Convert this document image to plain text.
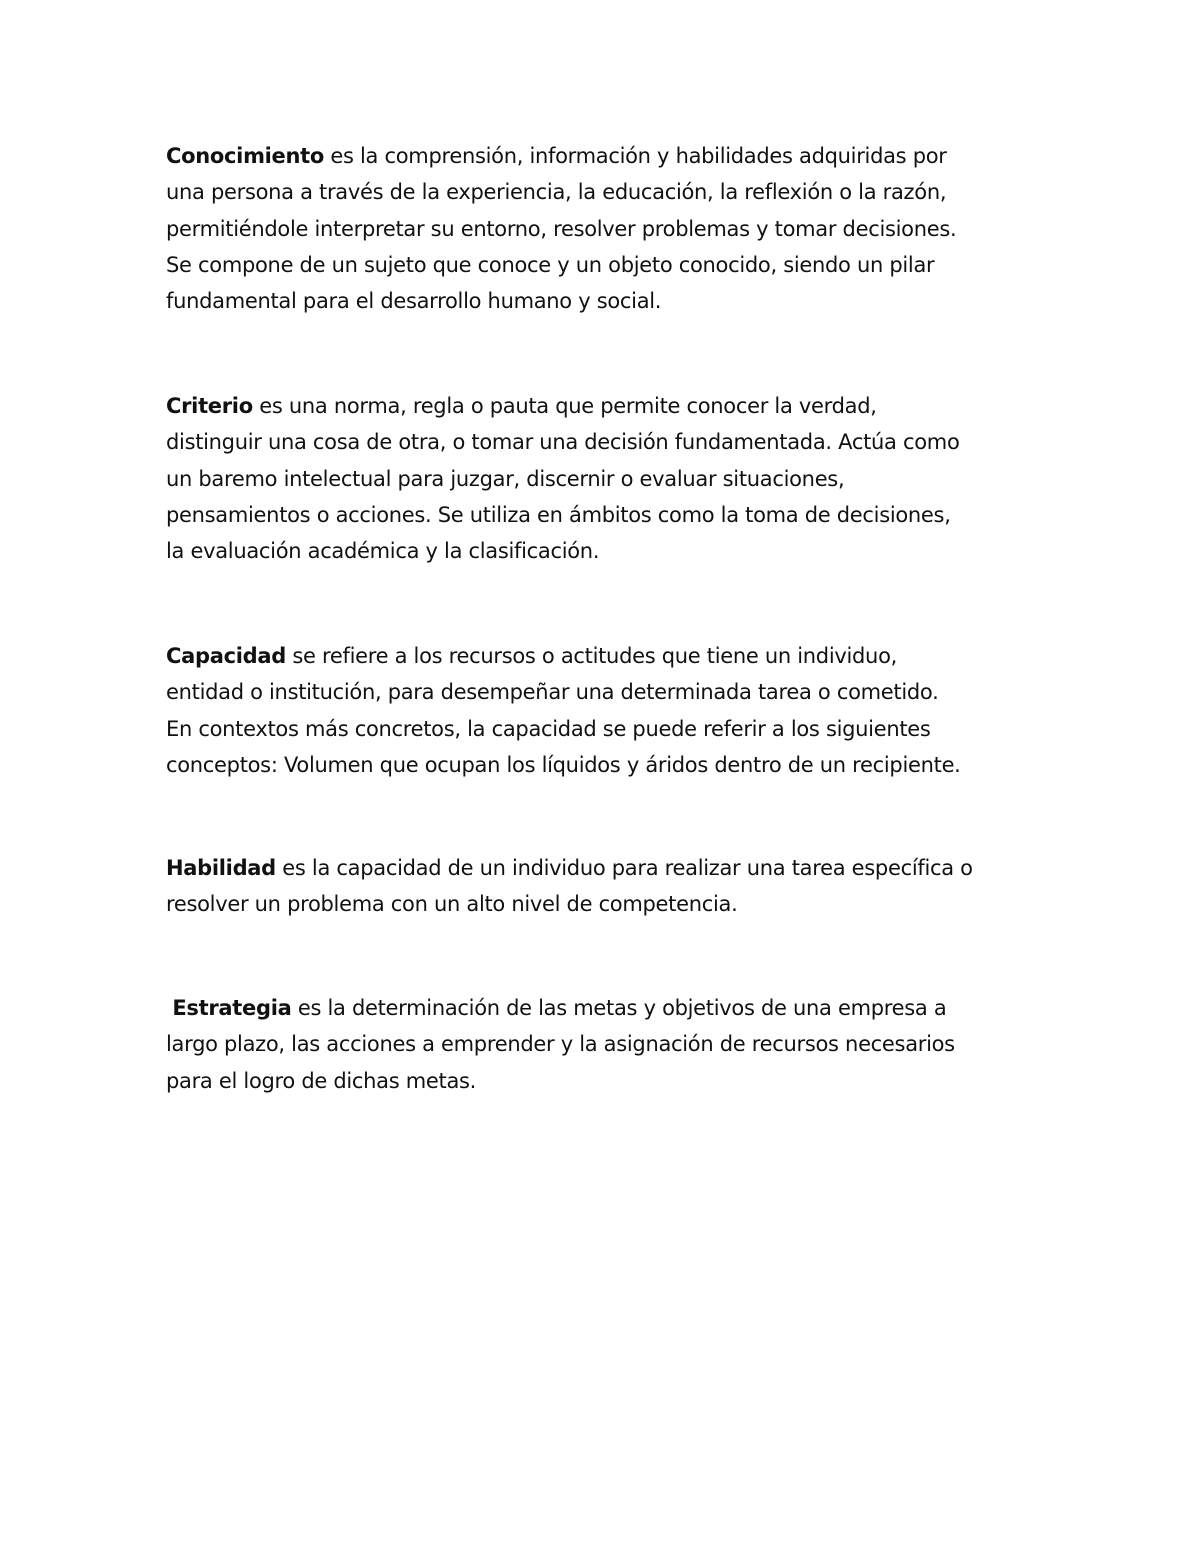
Conocimiento es la comprensión, información y habilidades adquiridas por
una persona a través de la experiencia, la educación, la reflexión o la razón,
permitiéndole interpretar su entorno, resolver problemas y tomar decisiones.
Se compone de un sujeto que conoce y un objeto conocido, siendo un pilar
fundamental para el desarrollo humano y social.

Criterio es una norma, regla o pauta que permite conocer la verdad,
distinguir una cosa de otra, o tomar una decisión fundamentada. Actúa como
un baremo intelectual para juzgar, discernir o evaluar situaciones,
pensamientos o acciones. Se utiliza en ámbitos como la toma de decisiones,
la evaluación académica y la clasificación.

Capacidad se refiere a los recursos o actitudes que tiene un individuo,
entidad o institución, para desempeñar una determinada tarea o cometido.
En contextos más concretos, la capacidad se puede referir a los siguientes
conceptos: Volumen que ocupan los líquidos y áridos dentro de un recipiente.

Habilidad es la capacidad de un individuo para realizar una tarea específica o
resolver un problema con un alto nivel de competencia.

Estrategia es la determinación de las metas y objetivos de una empresa a
largo plazo, las acciones a emprender y la asignación de recursos necesarios
para el logro de dichas metas.
